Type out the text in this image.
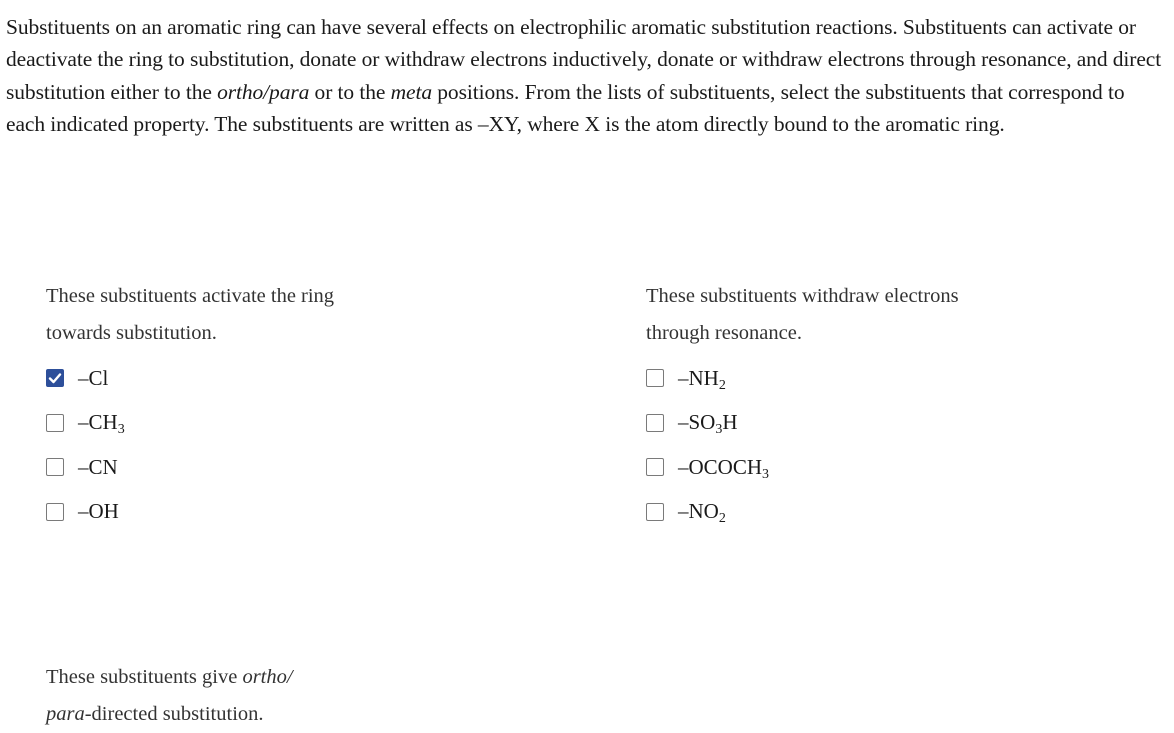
Substituents on an aromatic ring can have several effects on electrophilic aromatic substitution reactions. Substituents can activate or deactivate the ring to substitution, donate or withdraw electrons inductively, donate or withdraw electrons through resonance, and direct substitution either to the ortho/para or to the meta positions. From the lists of substituents, select the substituents that correspond to each indicated property. The substituents are written as –XY, where X is the atom directly bound to the aromatic ring.

These substituents activate the ring towards substitution.

–Cl
$-CH_3$
–CN
–OH

These substituents withdraw electrons through resonance.

$-NH_2$
$-SO_3H$
$-OCOCH_3$
$-NO_2$

These substituents give ortho/ para-directed substitution.
